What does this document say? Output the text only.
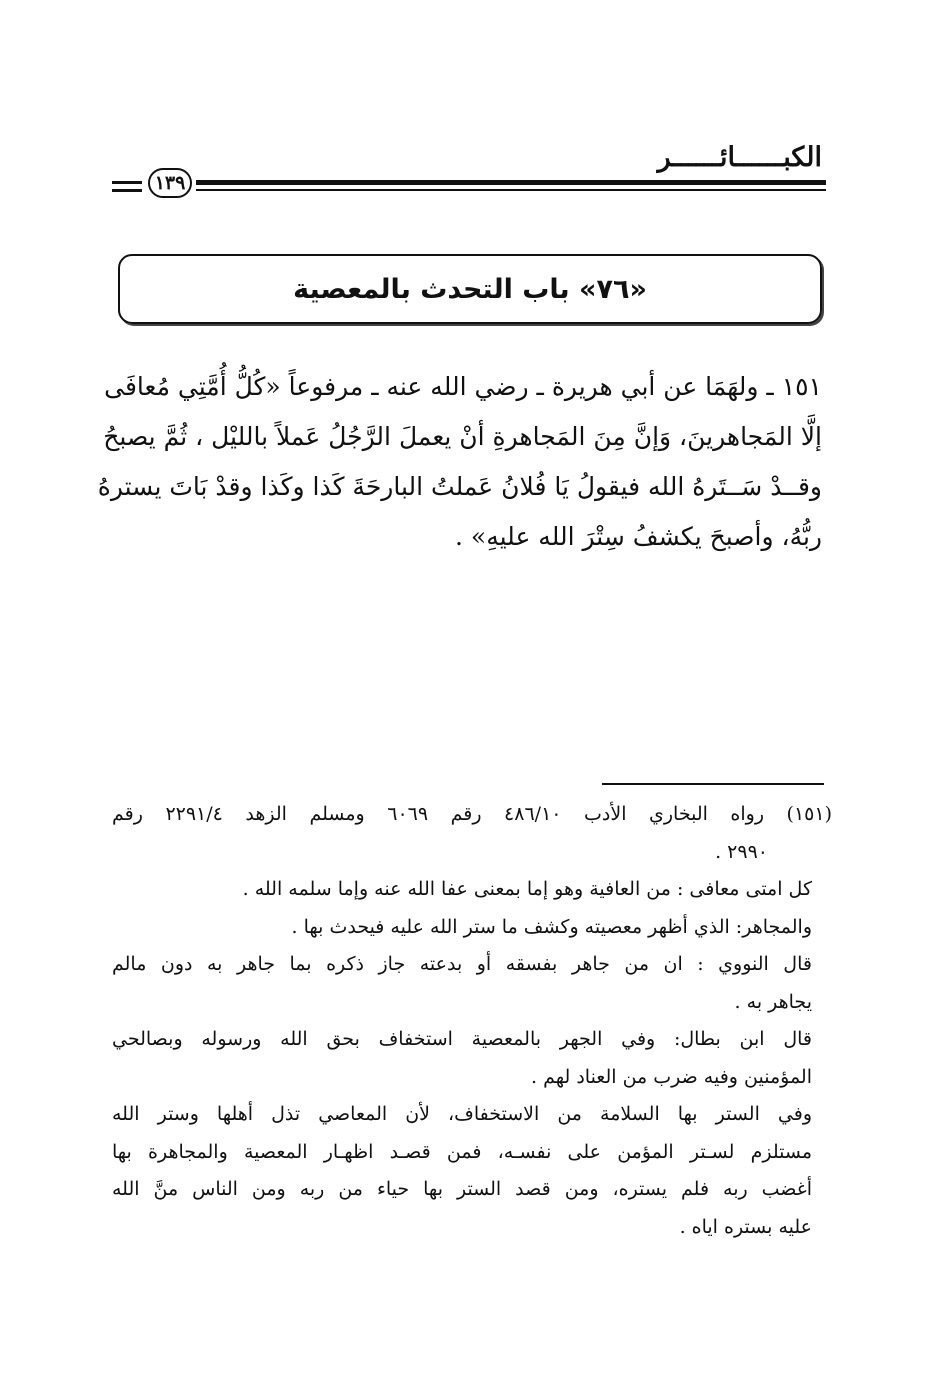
الكبــــــائــــــر
١٣٩
«٧٦» باب التحدث بالمعصية
١٥١ ـ ولهَمَا عن أبي هريرة ـ رضي الله عنه ـ مرفوعاً «كُلُّ أُمَّتِي مُعافَى
إلَّا المَجاهرينَ، وَإنَّ مِنَ المَجاهرةِ أنْ يعملَ الرَّجُلُ عَملاً بالليْل ، ثُمَّ يصبحُ
وقــدْ سَــتَرهُ الله فيقولُ يَا فُلانُ عَملتُ البارحَةَ كَذا وكَذا وقدْ بَاتَ يسترهُ
ربُّهُ، وأصبحَ يكشفُ سِتْرَ الله عليهِ» .
(١٥١) رواه البخاري الأدب ٤٨٦/١٠ رقم ٦٠٦٩ ومسلم الزهد ٢٢٩١/٤ رقم
٢٩٩٠ .
كل امتى معافى : من العافية وهو إما بمعنى عفا الله عنه وإما سلمه الله .
والمجاهر: الذي أظهر معصيته وكشف ما ستر الله عليه فيحدث بها .
قال النووي : ان من جاهر بفسقه أو بدعته جاز ذكره بما جاهر به دون مالم
يجاهر به .
قال ابن بطال: وفي الجهر بالمعصية استخفاف بحق الله ورسوله وبصالحي
المؤمنين وفيه ضرب من العناد لهم .
وفي الستر بها السلامة من الاستخفاف، لأن المعاصي تذل أهلها وستر الله
مستلزم لسـتر المؤمن على نفسـه، فمن قصـد اظهـار المعصية والمجاهرة بها
أغضب ربه فلم يستره، ومن قصد الستر بها حياء من ربه ومن الناس منَّ الله
عليه بستره اياه .
